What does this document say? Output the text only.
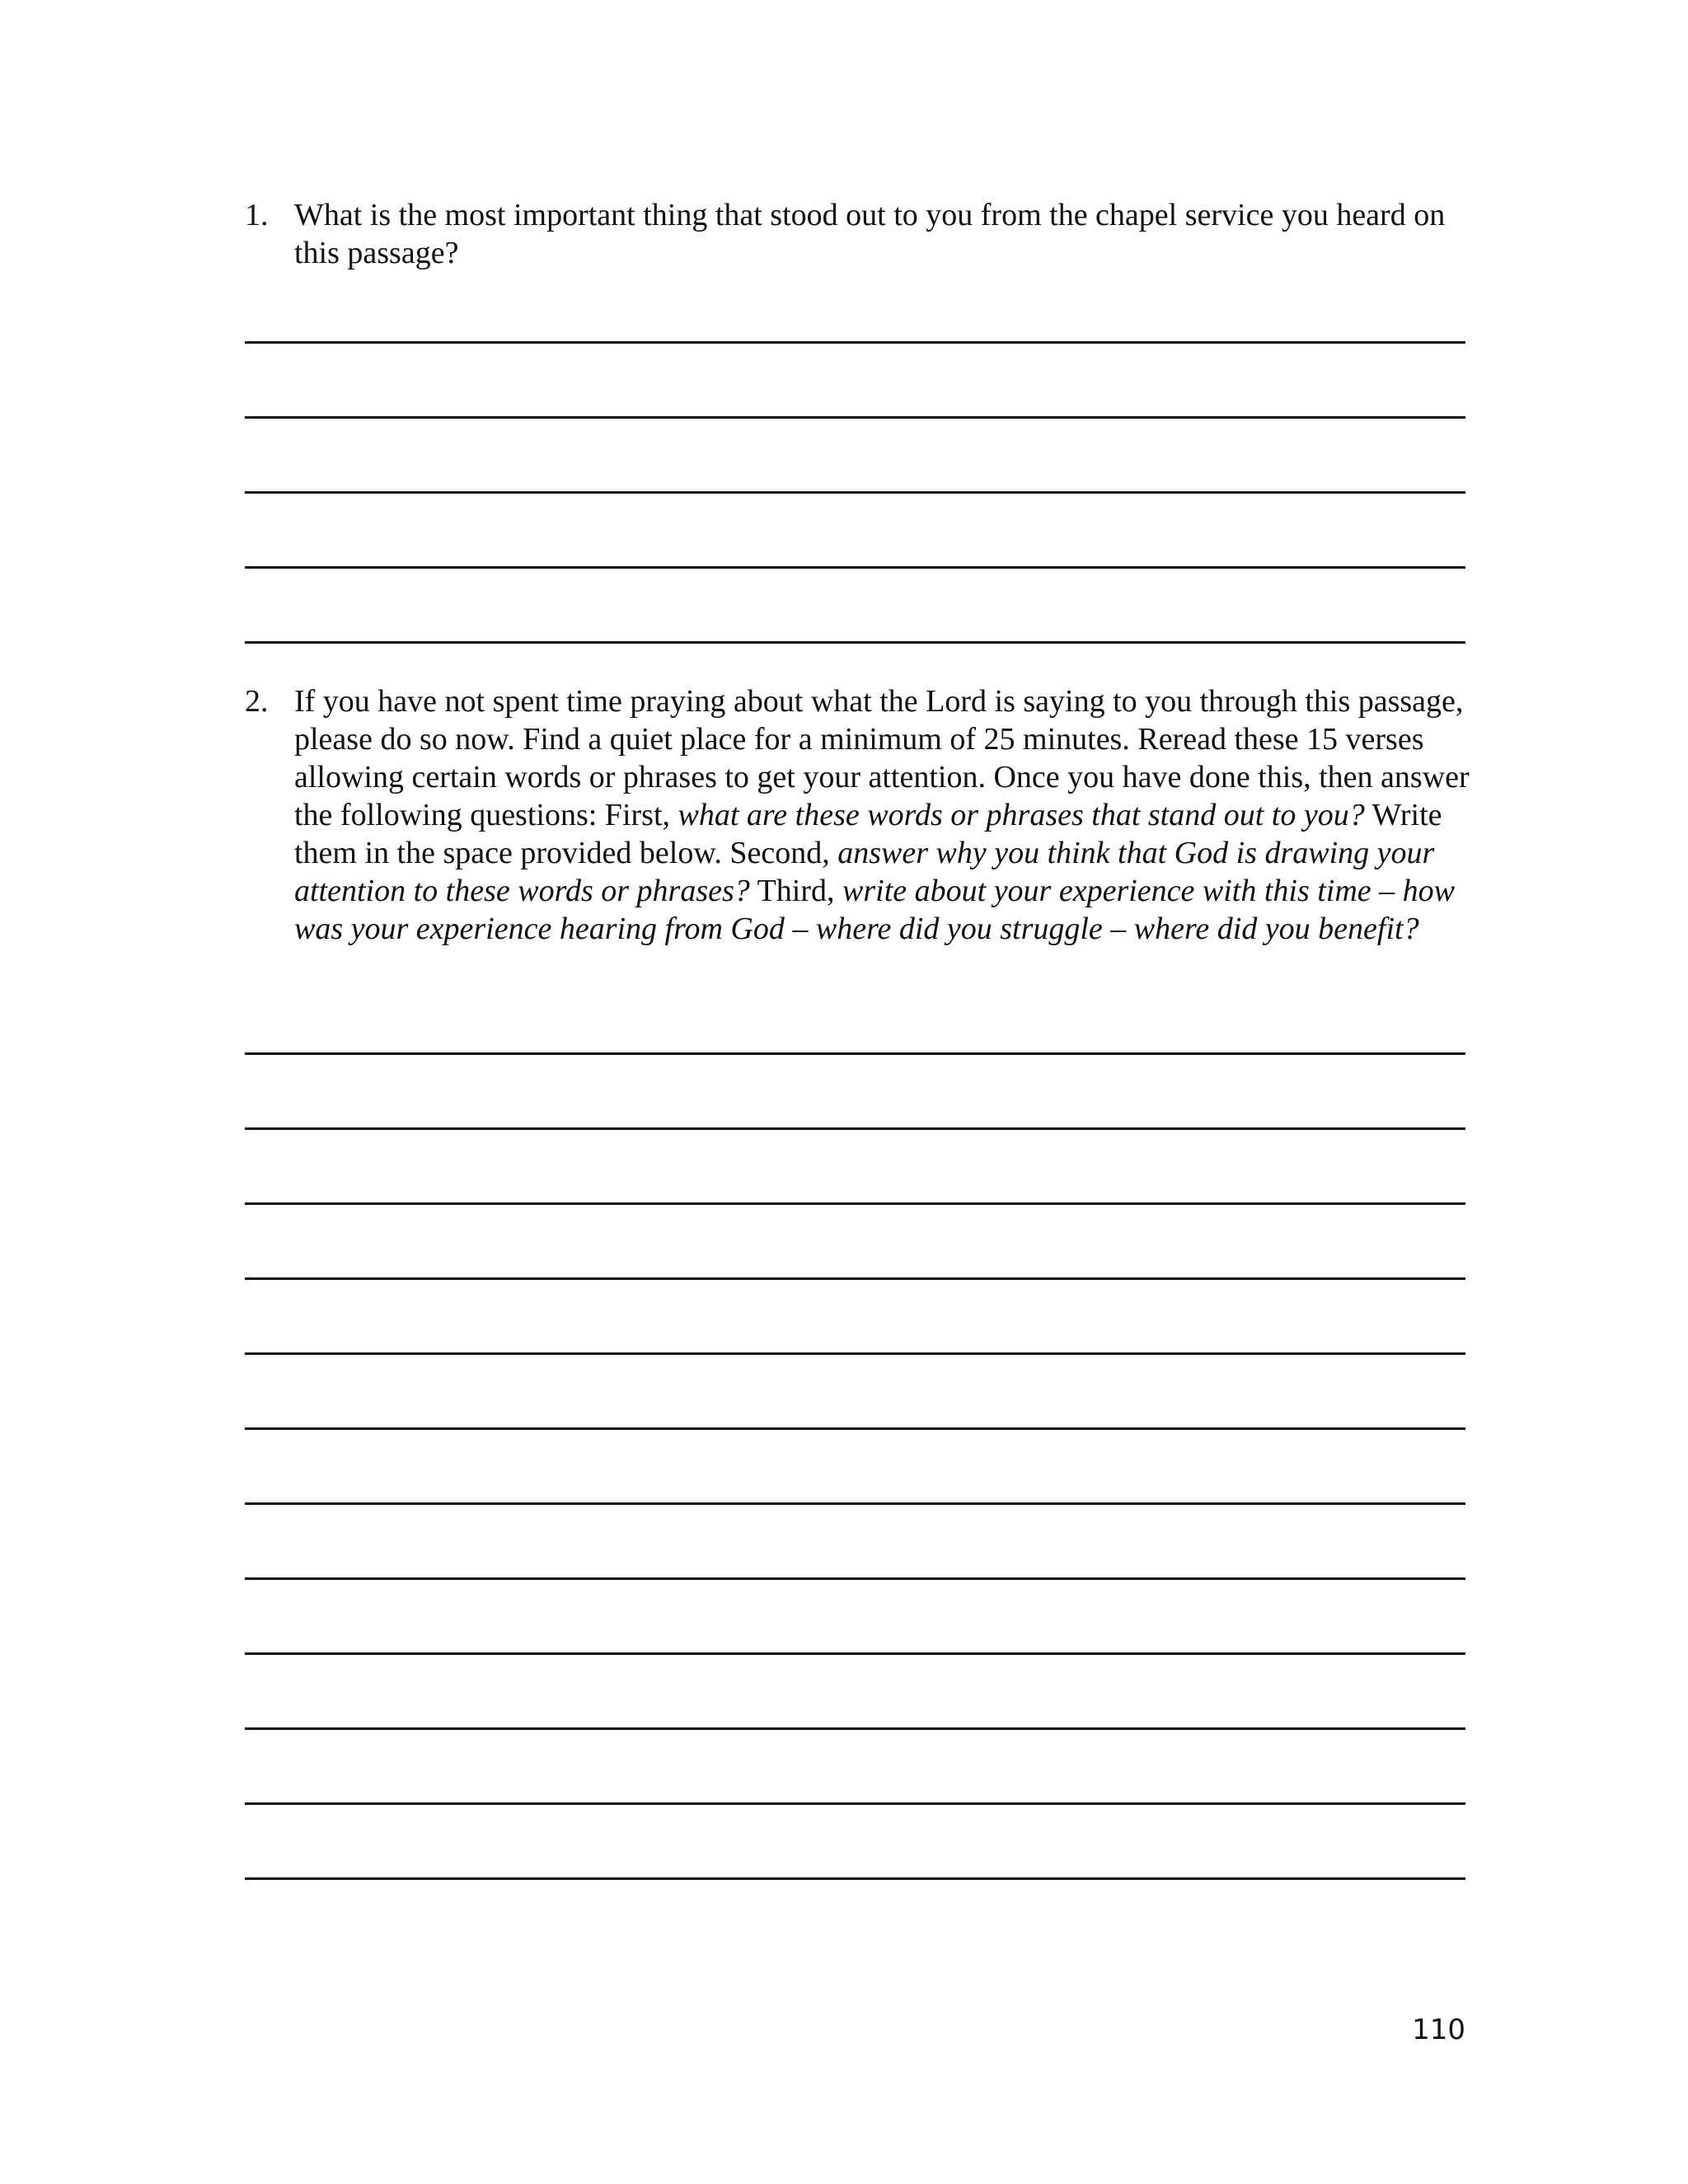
1. What is the most important thing that stood out to you from the chapel service you heard on this passage?

2. If you have not spent time praying about what the Lord is saying to you through this passage, please do so now. Find a quiet place for a minimum of 25 minutes. Reread these 15 verses allowing certain words or phrases to get your attention. Once you have done this, then answer the following questions: First, what are these words or phrases that stand out to you? Write them in the space provided below. Second, answer why you think that God is drawing your attention to these words or phrases? Third, write about your experience with this time – how was your experience hearing from God – where did you struggle – where did you benefit?

110
